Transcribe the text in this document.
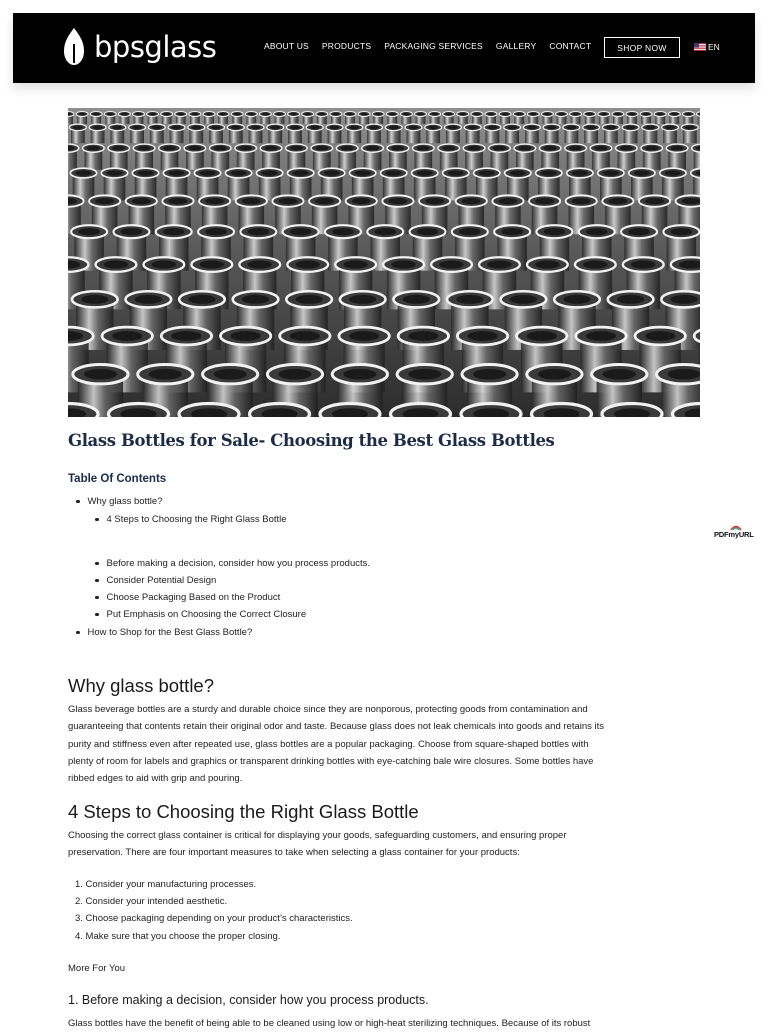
bpsglass	ABOUT US PRODUCTS PACKAGING SERVICES GALLERY CONTACT	SHOP NOW	EN
Glass Bottles for Sale- Choosing the Best Glass Bottles
Table Of Contents
Why glass bottle?
4 Steps to Choosing the Right Glass Bottle
Before making a decision, consider how you process products.
Consider Potential Design
Choose Packaging Based on the Product
Put Emphasis on Choosing the Correct Closure
How to Shop for the Best Glass Bottle?
PDFmyURL
Why glass bottle?
Glass beverage bottles are a sturdy and durable choice since they are nonporous, protecting goods from contamination and
guaranteeing that contents retain their original odor and taste. Because glass does not leak chemicals into goods and retains its
purity and stiffness even after repeated use, glass bottles are a popular packaging. Choose from square-shaped bottles with
plenty of room for labels and graphics or transparent drinking bottles with eye-catching bale wire closures. Some bottles have
ribbed edges to aid with grip and pouring.
4 Steps to Choosing the Right Glass Bottle
Choosing the correct glass container is critical for displaying your goods, safeguarding customers, and ensuring proper
preservation. There are four important measures to take when selecting a glass container for your products:
1. Consider your manufacturing processes.
2. Consider your intended aesthetic.
3. Choose packaging depending on your product’s characteristics.
4. Make sure that you choose the proper closing.
More For You
1. Before making a decision, consider how you process products.
Glass bottles have the benefit of being able to be cleaned using low or high-heat sterilizing techniques. Because of its robust
